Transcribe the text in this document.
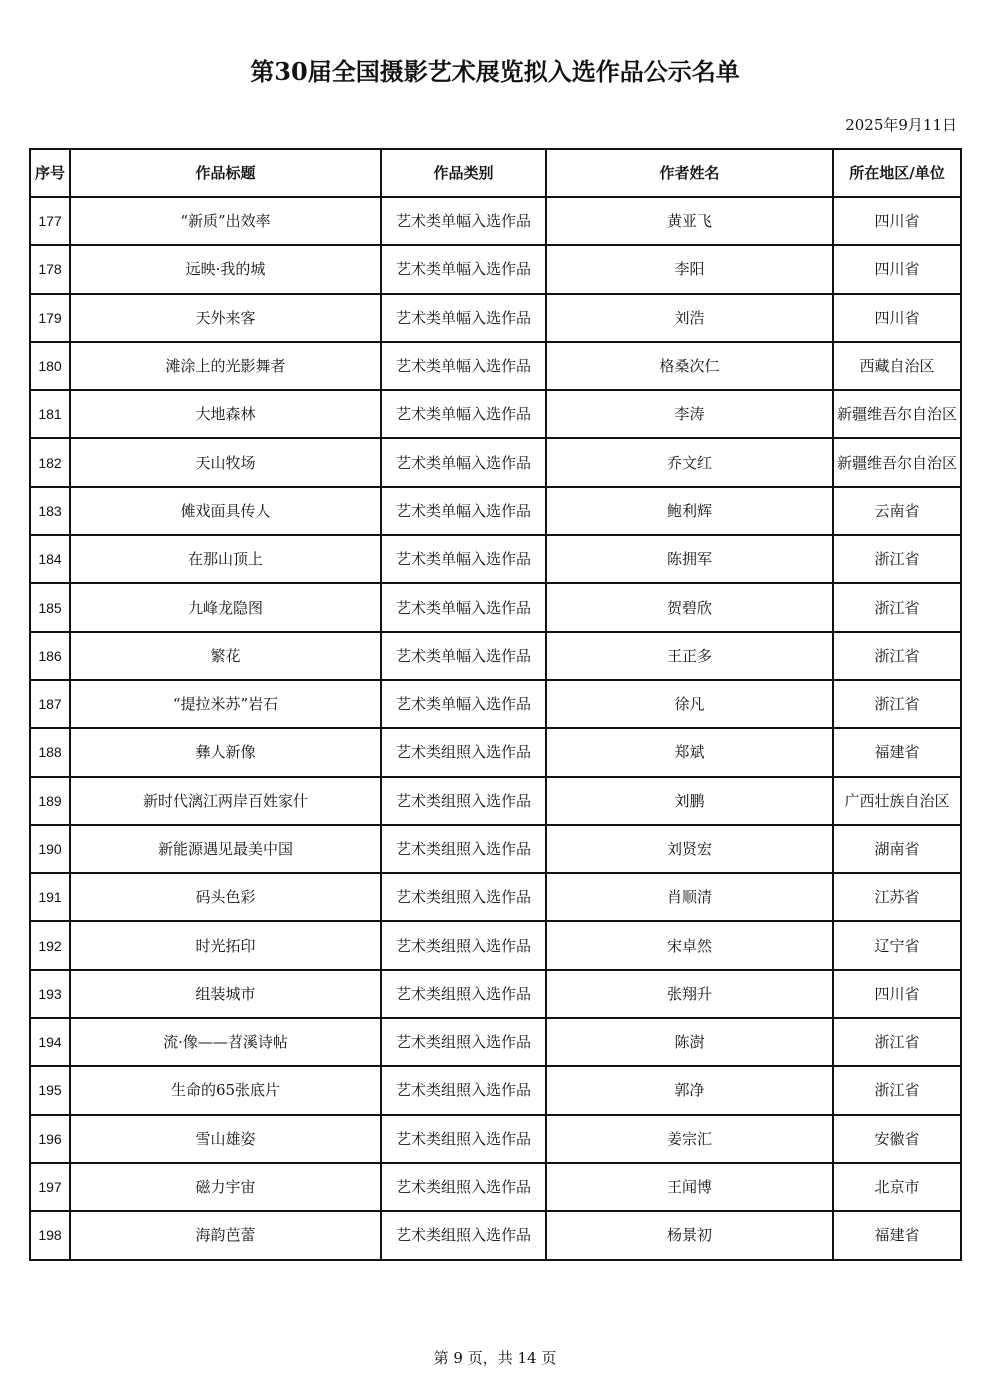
第30届全国摄影艺术展览拟入选作品公示名单
2025年9月11日
序号	作品标题	作品类别	作者姓名	所在地区/单位
177	“新质”出效率	艺术类单幅入选作品	黄亚飞	四川省
178	远映·我的城	艺术类单幅入选作品	李阳	四川省
179	天外来客	艺术类单幅入选作品	刘浩	四川省
180	滩涂上的光影舞者	艺术类单幅入选作品	格桑次仁	西藏自治区
181	大地森林	艺术类单幅入选作品	李涛	新疆维吾尔自治区
182	天山牧场	艺术类单幅入选作品	乔文红	新疆维吾尔自治区
183	傩戏面具传人	艺术类单幅入选作品	鲍利辉	云南省
184	在那山顶上	艺术类单幅入选作品	陈拥军	浙江省
185	九峰龙隐图	艺术类单幅入选作品	贺碧欣	浙江省
186	繁花	艺术类单幅入选作品	王正多	浙江省
187	“提拉米苏”岩石	艺术类单幅入选作品	徐凡	浙江省
188	彝人新像	艺术类组照入选作品	郑斌	福建省
189	新时代漓江两岸百姓家什	艺术类组照入选作品	刘鹏	广西壮族自治区
190	新能源遇见最美中国	艺术类组照入选作品	刘贤宏	湖南省
191	码头色彩	艺术类组照入选作品	肖顺清	江苏省
192	时光拓印	艺术类组照入选作品	宋卓然	辽宁省
193	组装城市	艺术类组照入选作品	张翔升	四川省
194	流·像——苕溪诗帖	艺术类组照入选作品	陈澍	浙江省
195	生命的65张底片	艺术类组照入选作品	郭净	浙江省
196	雪山雄姿	艺术类组照入选作品	姜宗汇	安徽省
197	磁力宇宙	艺术类组照入选作品	王闻博	北京市
198	海韵芭蕾	艺术类组照入选作品	杨景初	福建省
第 9 页，共 14 页
